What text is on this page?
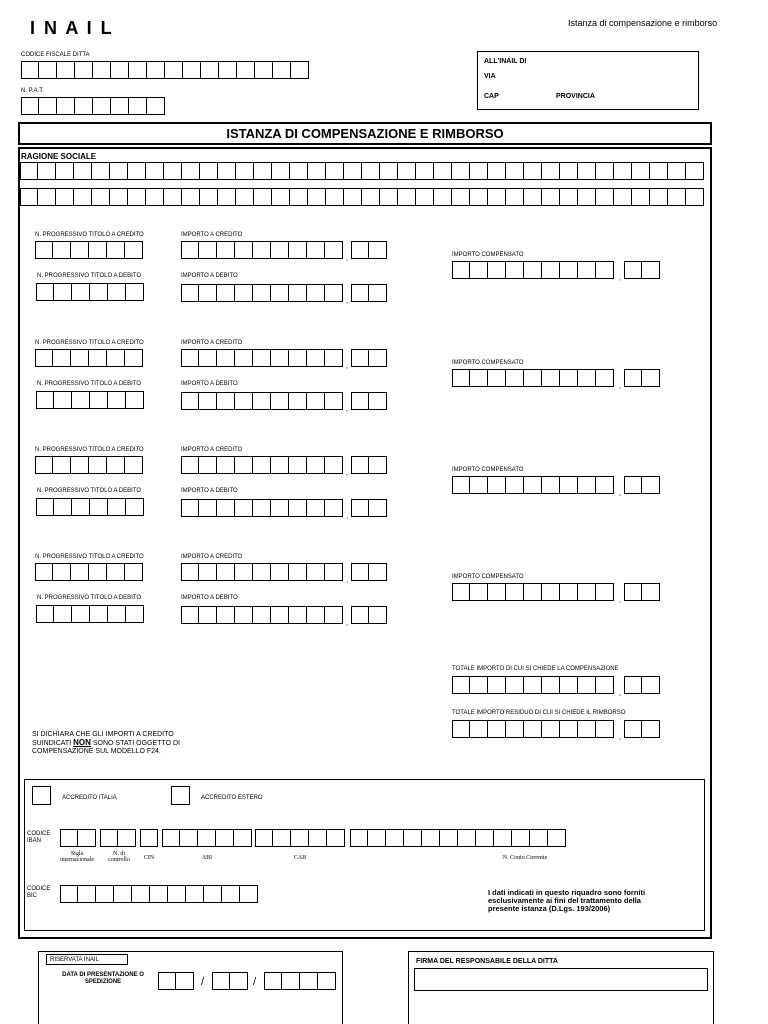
I N A I L	Istanza di compensazione e rimborso
CODICE FISCALE DITTA
N. P.A.T.
ALL'INAIL DI
VIA
CAP	PROVINCIA
ISTANZA DI COMPENSAZIONE E RIMBORSO
RAGIONE SOCIALE
N. PROGRESSIVO TITOLO A CREDITO	IMPORTO A CREDITO
,
N. PROGRESSIVO TITOLO A DEBITO	IMPORTO A DEBITO
,
IMPORTO COMPENSATO
,
N. PROGRESSIVO TITOLO A CREDITO	IMPORTO A CREDITO
,
N. PROGRESSIVO TITOLO A DEBITO	IMPORTO A DEBITO
,
IMPORTO COMPENSATO
,
N. PROGRESSIVO TITOLO A CREDITO	IMPORTO A CREDITO
,
N. PROGRESSIVO TITOLO A DEBITO	IMPORTO A DEBITO
,
IMPORTO COMPENSATO
,
N. PROGRESSIVO TITOLO A CREDITO	IMPORTO A CREDITO
,
N. PROGRESSIVO TITOLO A DEBITO	IMPORTO A DEBITO
,
IMPORTO COMPENSATO
,
TOTALE IMPORTO DI CUI SI CHIEDE LA COMPENSAZIONE
,
TOTALE IMPORTO RESIDUO DI CUI SI CHIEDE IL RIMBORSO
,
SI DICHIARA CHE GLI IMPORTI A CREDITO
SUINDICATI NON SONO STATI OGGETTO DI
COMPENSAZIONE SUL MODELLO F24.
ACCREDITO ITALIA	ACCREDITO ESTERO
CODICE
IBAN
Sigla
internazionale
N. di
controllo	CIN	ABI	CAB	N. Conto Corrente
CODICE
BIC	I dati indicati in questo riquadro sono forniti
esclusivamente ai fini del trattamento della
presente istanza (D.Lgs. 193/2006)
RISERVATA INAIL
DATA DI PRESENTAZIONE O
SPEDIZIONE	/	/
FIRMA DEL RESPONSABILE DELLA DITTA
